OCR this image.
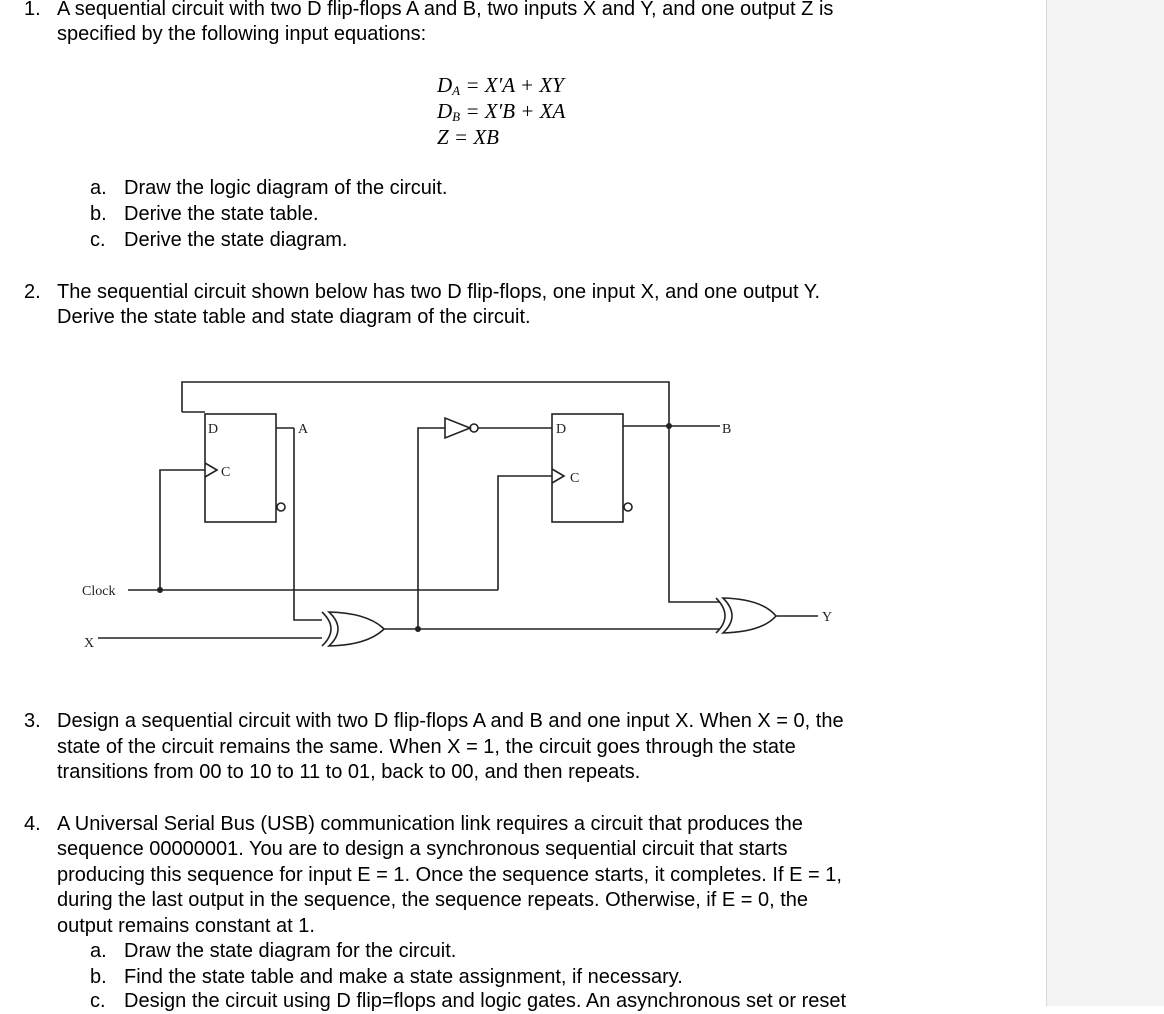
1. A sequential circuit with two D flip-flops A and B, two inputs X and Y, and one output Z is
specified by the following input equations:
$D_A = X'A$ + XY
$D_B = X'B$ + XA
Z = XB
a. Draw the logic diagram of the circuit.
b. Derive the state table.
c. Derive the state diagram.
2. The sequential circuit shown below has two D flip-flops, one input X, and one output Y.
Derive the state table and state diagram of the circuit.
D
C
A	D
C
B
Clock
X
Y
3. Design a sequential circuit with two D flip-flops A and B and one input X. When X = 0, the
state of the circuit remains the same. When X = 1, the circuit goes through the state
transitions from 00 to 10 to 11 to 01, back to 00, and then repeats.
4. A Universal Serial Bus (USB) communication link requires a circuit that produces the
sequence 00000001. You are to design a synchronous sequential circuit that starts
producing this sequence for input E = 1. Once the sequence starts, it completes. If E = 1,
during the last output in the sequence, the sequence repeats. Otherwise, if E = 0, the
output remains constant at 1.
a. Draw the state diagram for the circuit.
b. Find the state table and make a state assignment, if necessary.
c. Design the circuit using D flip=flops and logic gates. An asynchronous set or reset
